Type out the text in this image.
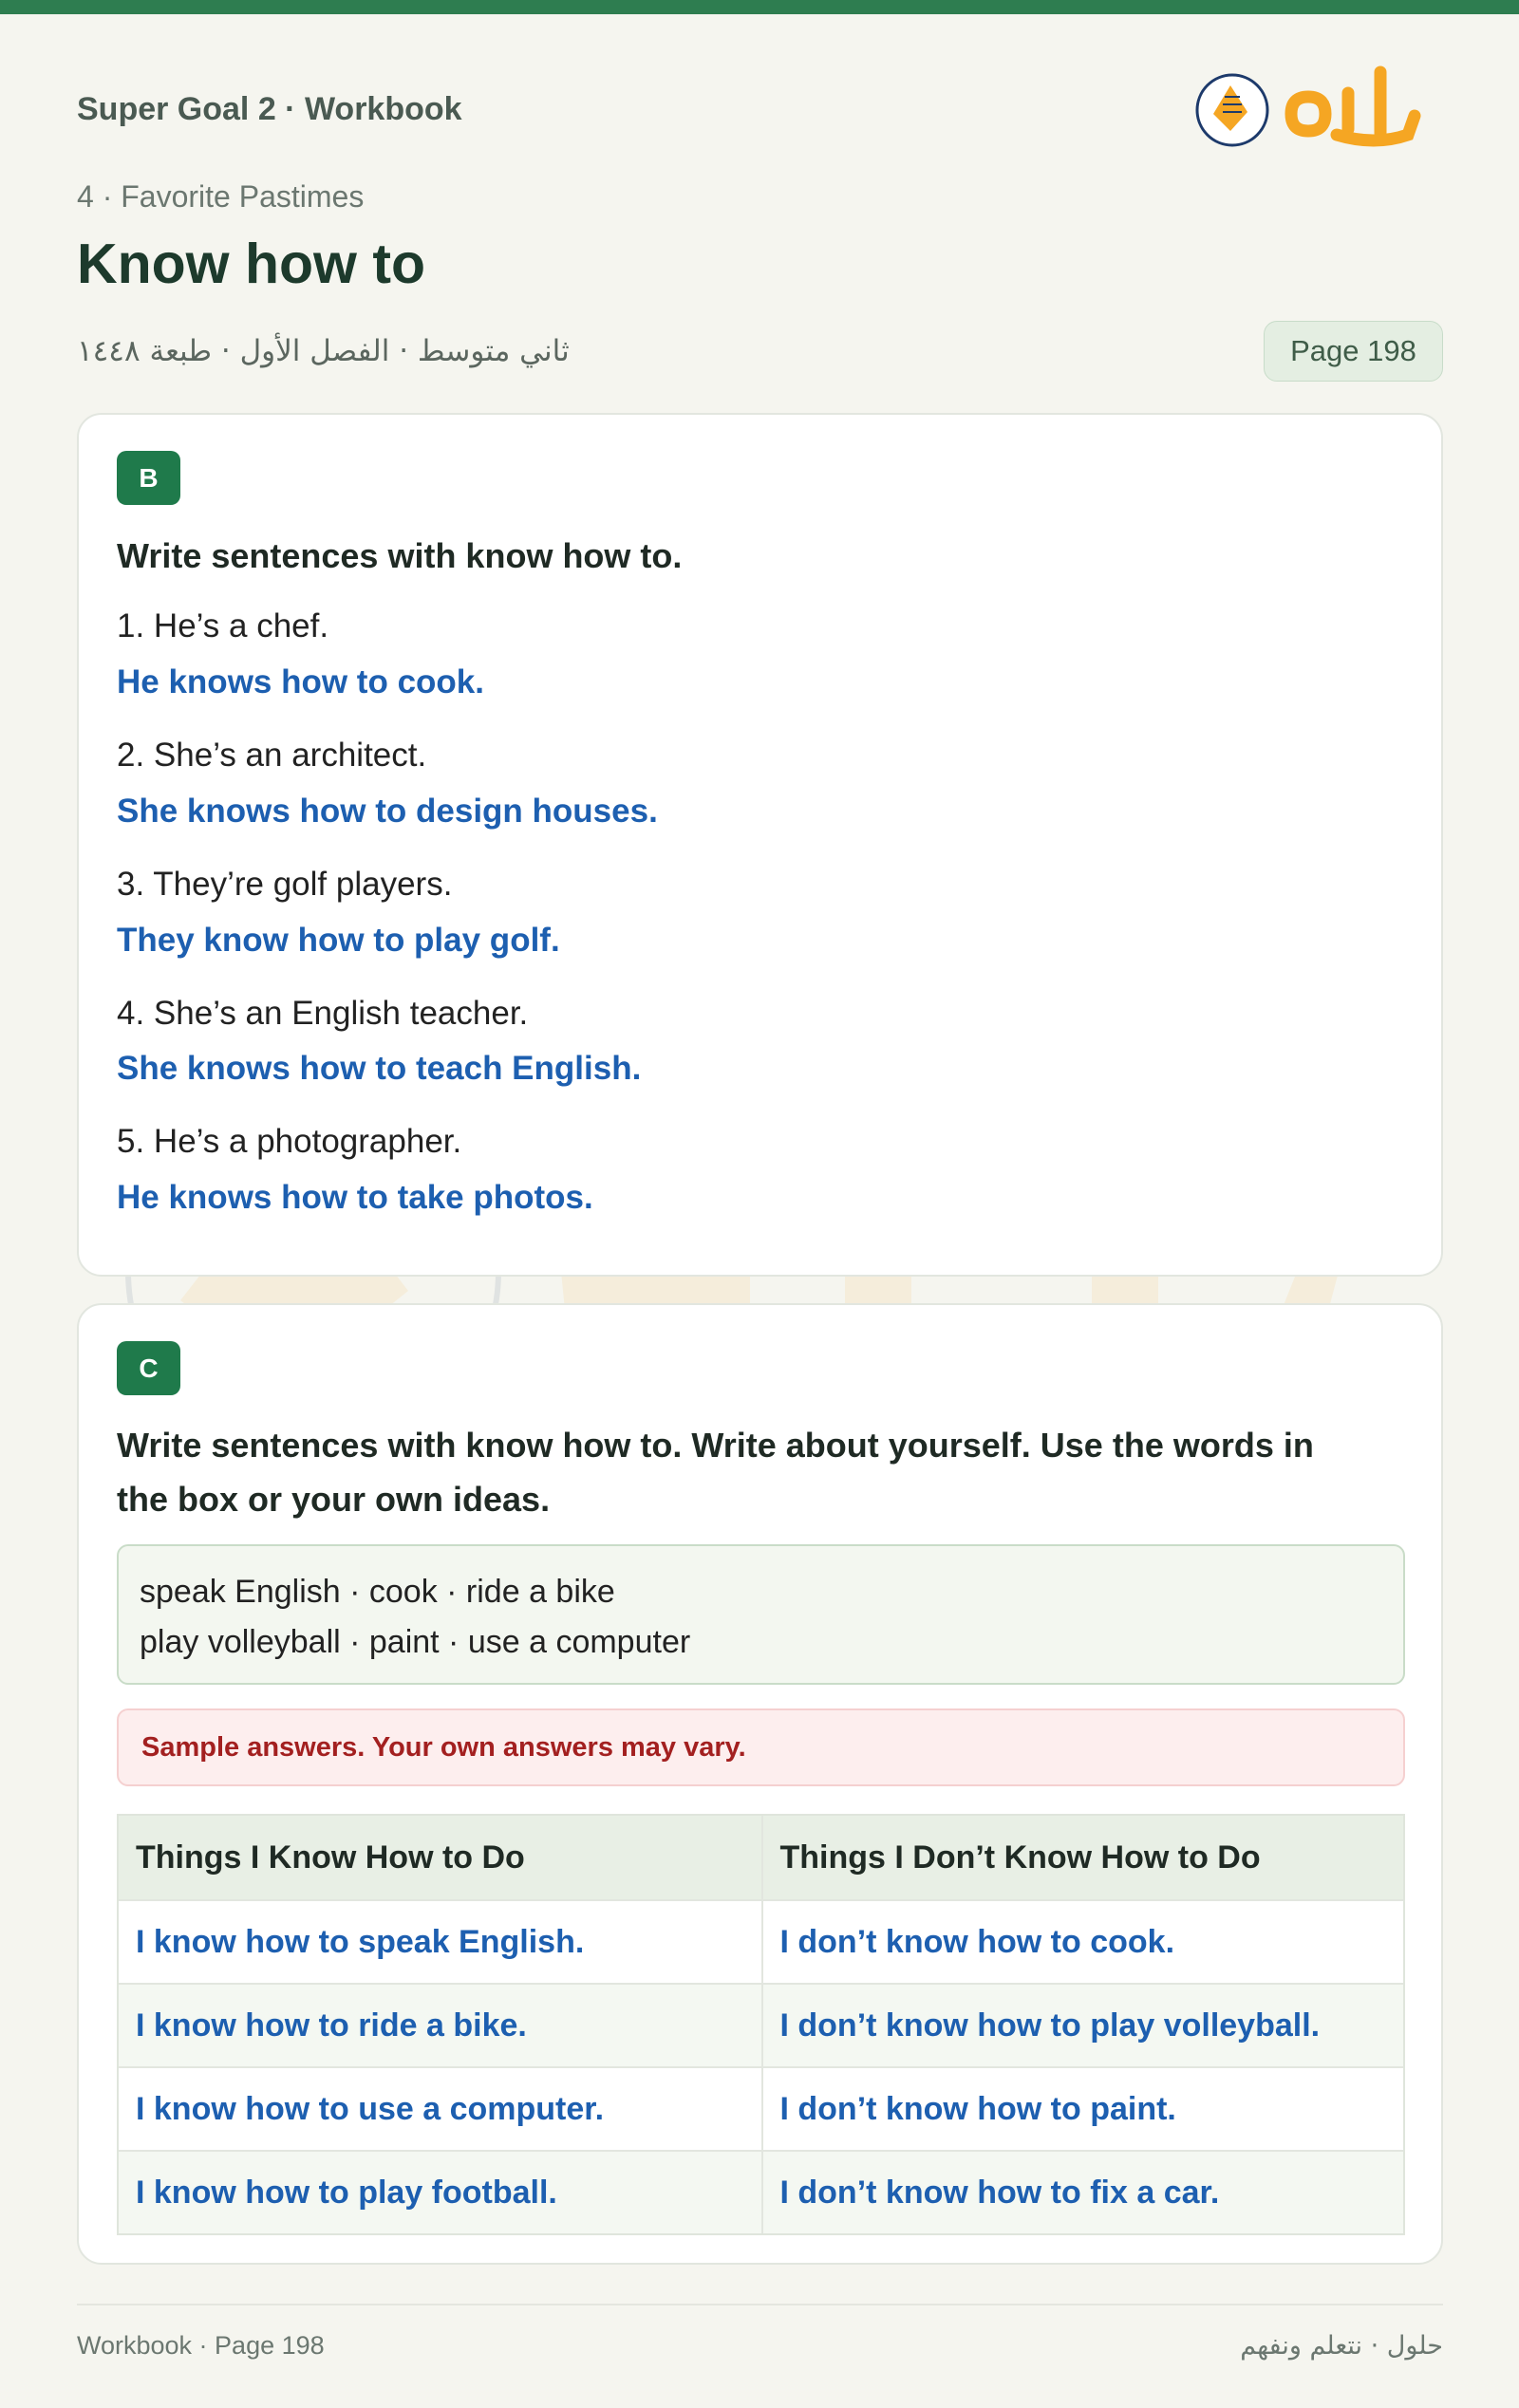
Super Goal 2 · Workbook
4 · Favorite Pastimes
Know how to
ثاني متوسط · الفصل الأول · طبعة ١٤٤٨	Page 198
B
Write sentences with know how to.
1. He’s a chef.
He knows how to cook.
2. She’s an architect.
She knows how to design houses.
3. They’re golf players.
They know how to play golf.
4. She’s an English teacher.
She knows how to teach English.
5. He’s a photographer.
He knows how to take photos.
C
Write sentences with know how to. Write about yourself. Use the words in
the box or your own ideas.
speak English · cook · ride a bike
play volleyball · paint · use a computer
Sample answers. Your own answers may vary.
Things I Know How to Do	Things I Don’t Know How to Do
I know how to speak English.	I don’t know how to cook.
I know how to ride a bike.	I don’t know how to play volleyball.
I know how to use a computer.	I don’t know how to paint.
I know how to play football.	I don’t know how to fix a car.
Workbook · Page 198	حلول · نتعلم ونفهم
